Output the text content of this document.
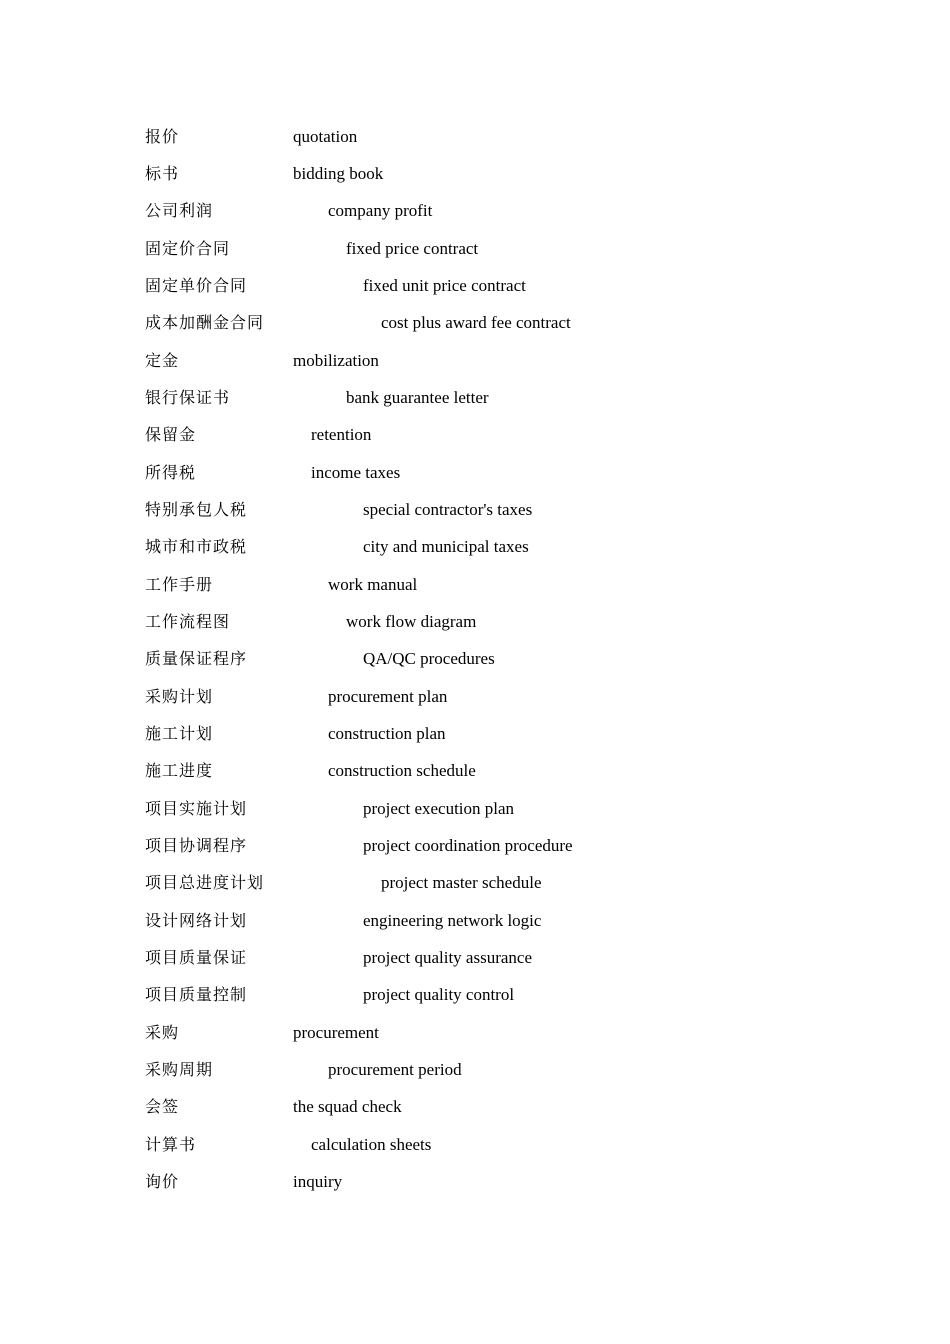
报价	quotation
标书	bidding book
公司利润	company profit
固定价合同	fixed price contract
固定单价合同	fixed unit price contract
成本加酬金合同	cost plus award fee contract
定金	mobilization
银行保证书	bank guarantee letter
保留金	retention
所得税	income taxes
特别承包人税	special contractor's taxes
城市和市政税	city and municipal taxes
工作手册	work manual
工作流程图	work flow diagram
质量保证程序	QA/QC procedures
采购计划	procurement plan
施工计划	construction plan
施工进度	construction schedule
项目实施计划	project execution plan
项目协调程序	project coordination procedure
项目总进度计划	project master schedule
设计网络计划	engineering network logic
项目质量保证	project quality assurance
项目质量控制	project quality control
采购	procurement
采购周期	procurement period
会签	the squad check
计算书	calculation sheets
询价	inquiry
